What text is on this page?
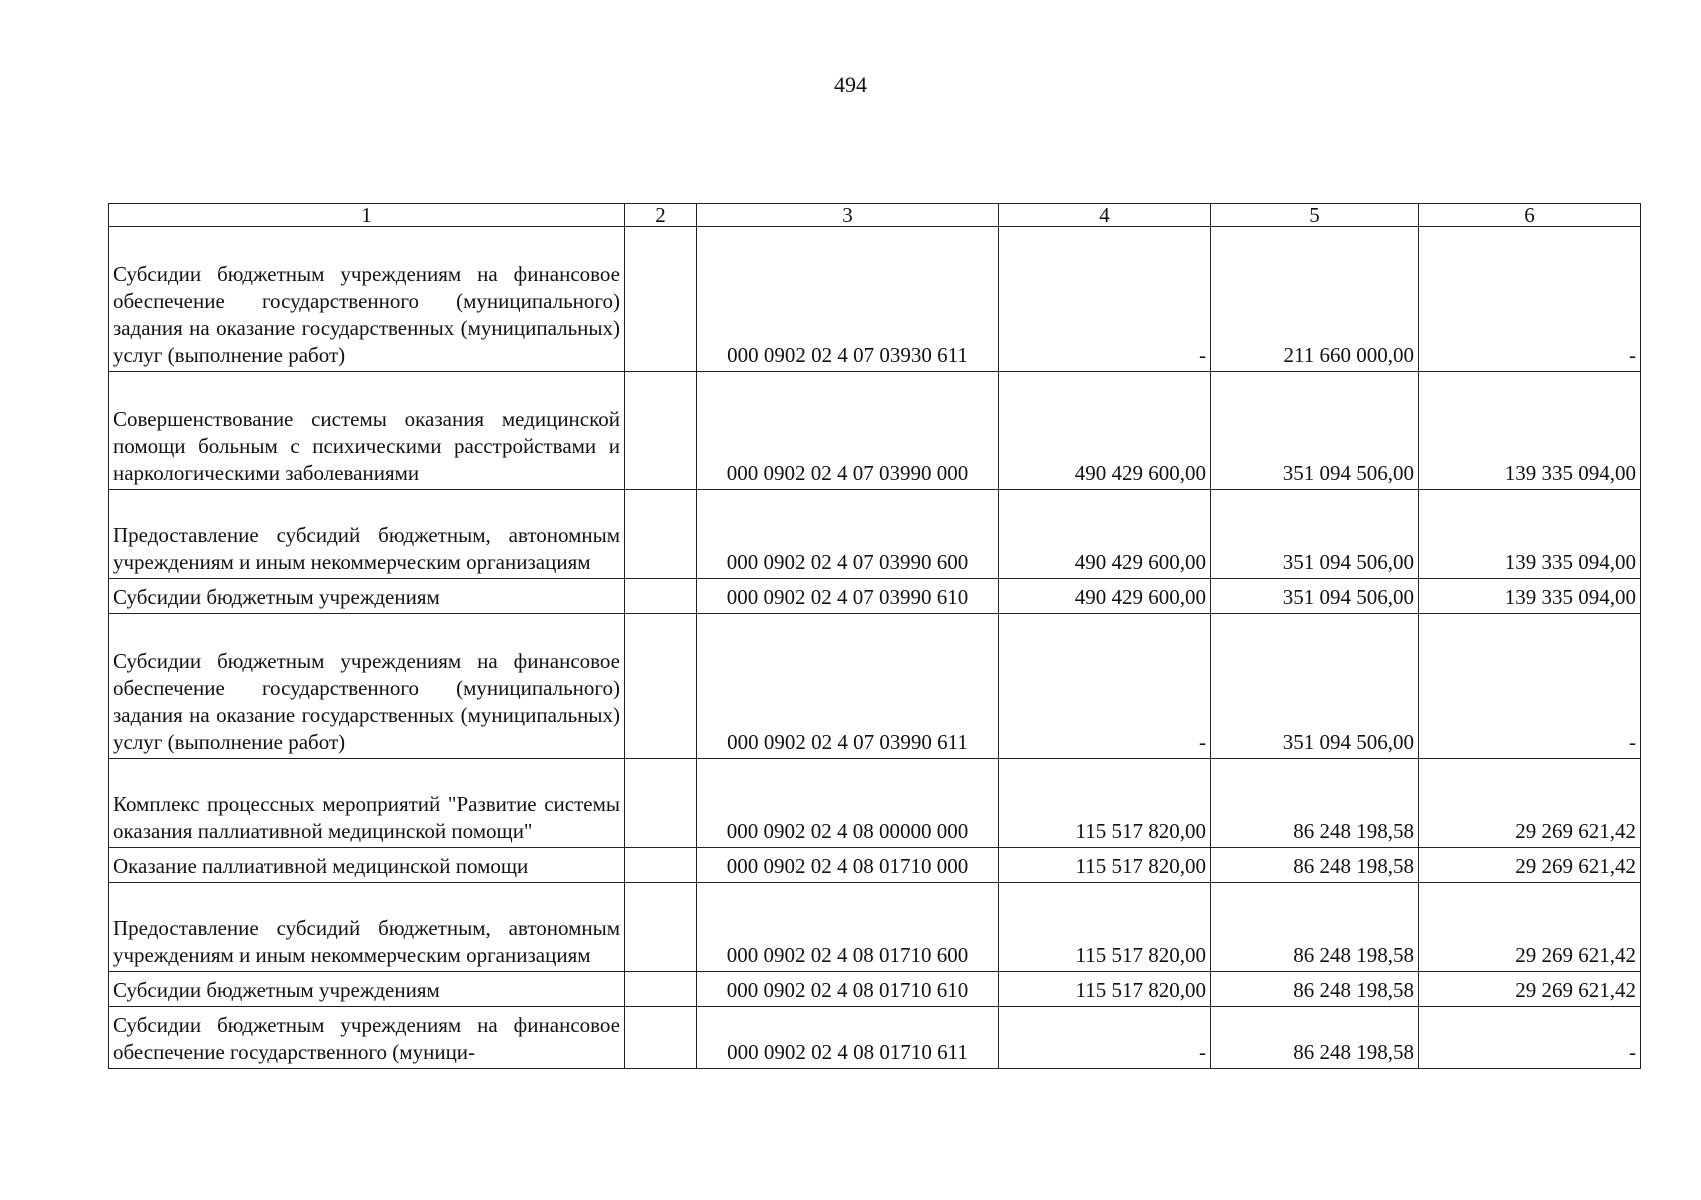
494
1	2	3	4	5	6
Субсидии бюджетным учреждениям на финансовое обеспечение государственного (муниципального) задания на оказание государственных (муниципальных) услуг (выполнение работ)		000 0902 02 4 07 03930 611	-	211 660 000,00	-
Совершенствование системы оказания медицинской помощи больным с психическими расстройствами и наркологическими заболеваниями		000 0902 02 4 07 03990 000	490 429 600,00	351 094 506,00	139 335 094,00
Предоставление субсидий бюджетным, автономным учреждениям и иным некоммерческим организациям		000 0902 02 4 07 03990 600	490 429 600,00	351 094 506,00	139 335 094,00
Субсидии бюджетным учреждениям		000 0902 02 4 07 03990 610	490 429 600,00	351 094 506,00	139 335 094,00
Субсидии бюджетным учреждениям на финансовое обеспечение государственного (муниципального) задания на оказание государственных (муниципальных) услуг (выполнение работ)		000 0902 02 4 07 03990 611	-	351 094 506,00	-
Комплекс процессных мероприятий "Развитие системы оказания паллиативной медицинской помощи"		000 0902 02 4 08 00000 000	115 517 820,00	86 248 198,58	29 269 621,42
Оказание паллиативной медицинской помощи		000 0902 02 4 08 01710 000	115 517 820,00	86 248 198,58	29 269 621,42
Предоставление субсидий бюджетным, автономным учреждениям и иным некоммерческим организациям		000 0902 02 4 08 01710 600	115 517 820,00	86 248 198,58	29 269 621,42
Субсидии бюджетным учреждениям		000 0902 02 4 08 01710 610	115 517 820,00	86 248 198,58	29 269 621,42
Субсидии бюджетным учреждениям на финансовое обеспечение государственного (муници-		000 0902 02 4 08 01710 611	-	86 248 198,58	-
